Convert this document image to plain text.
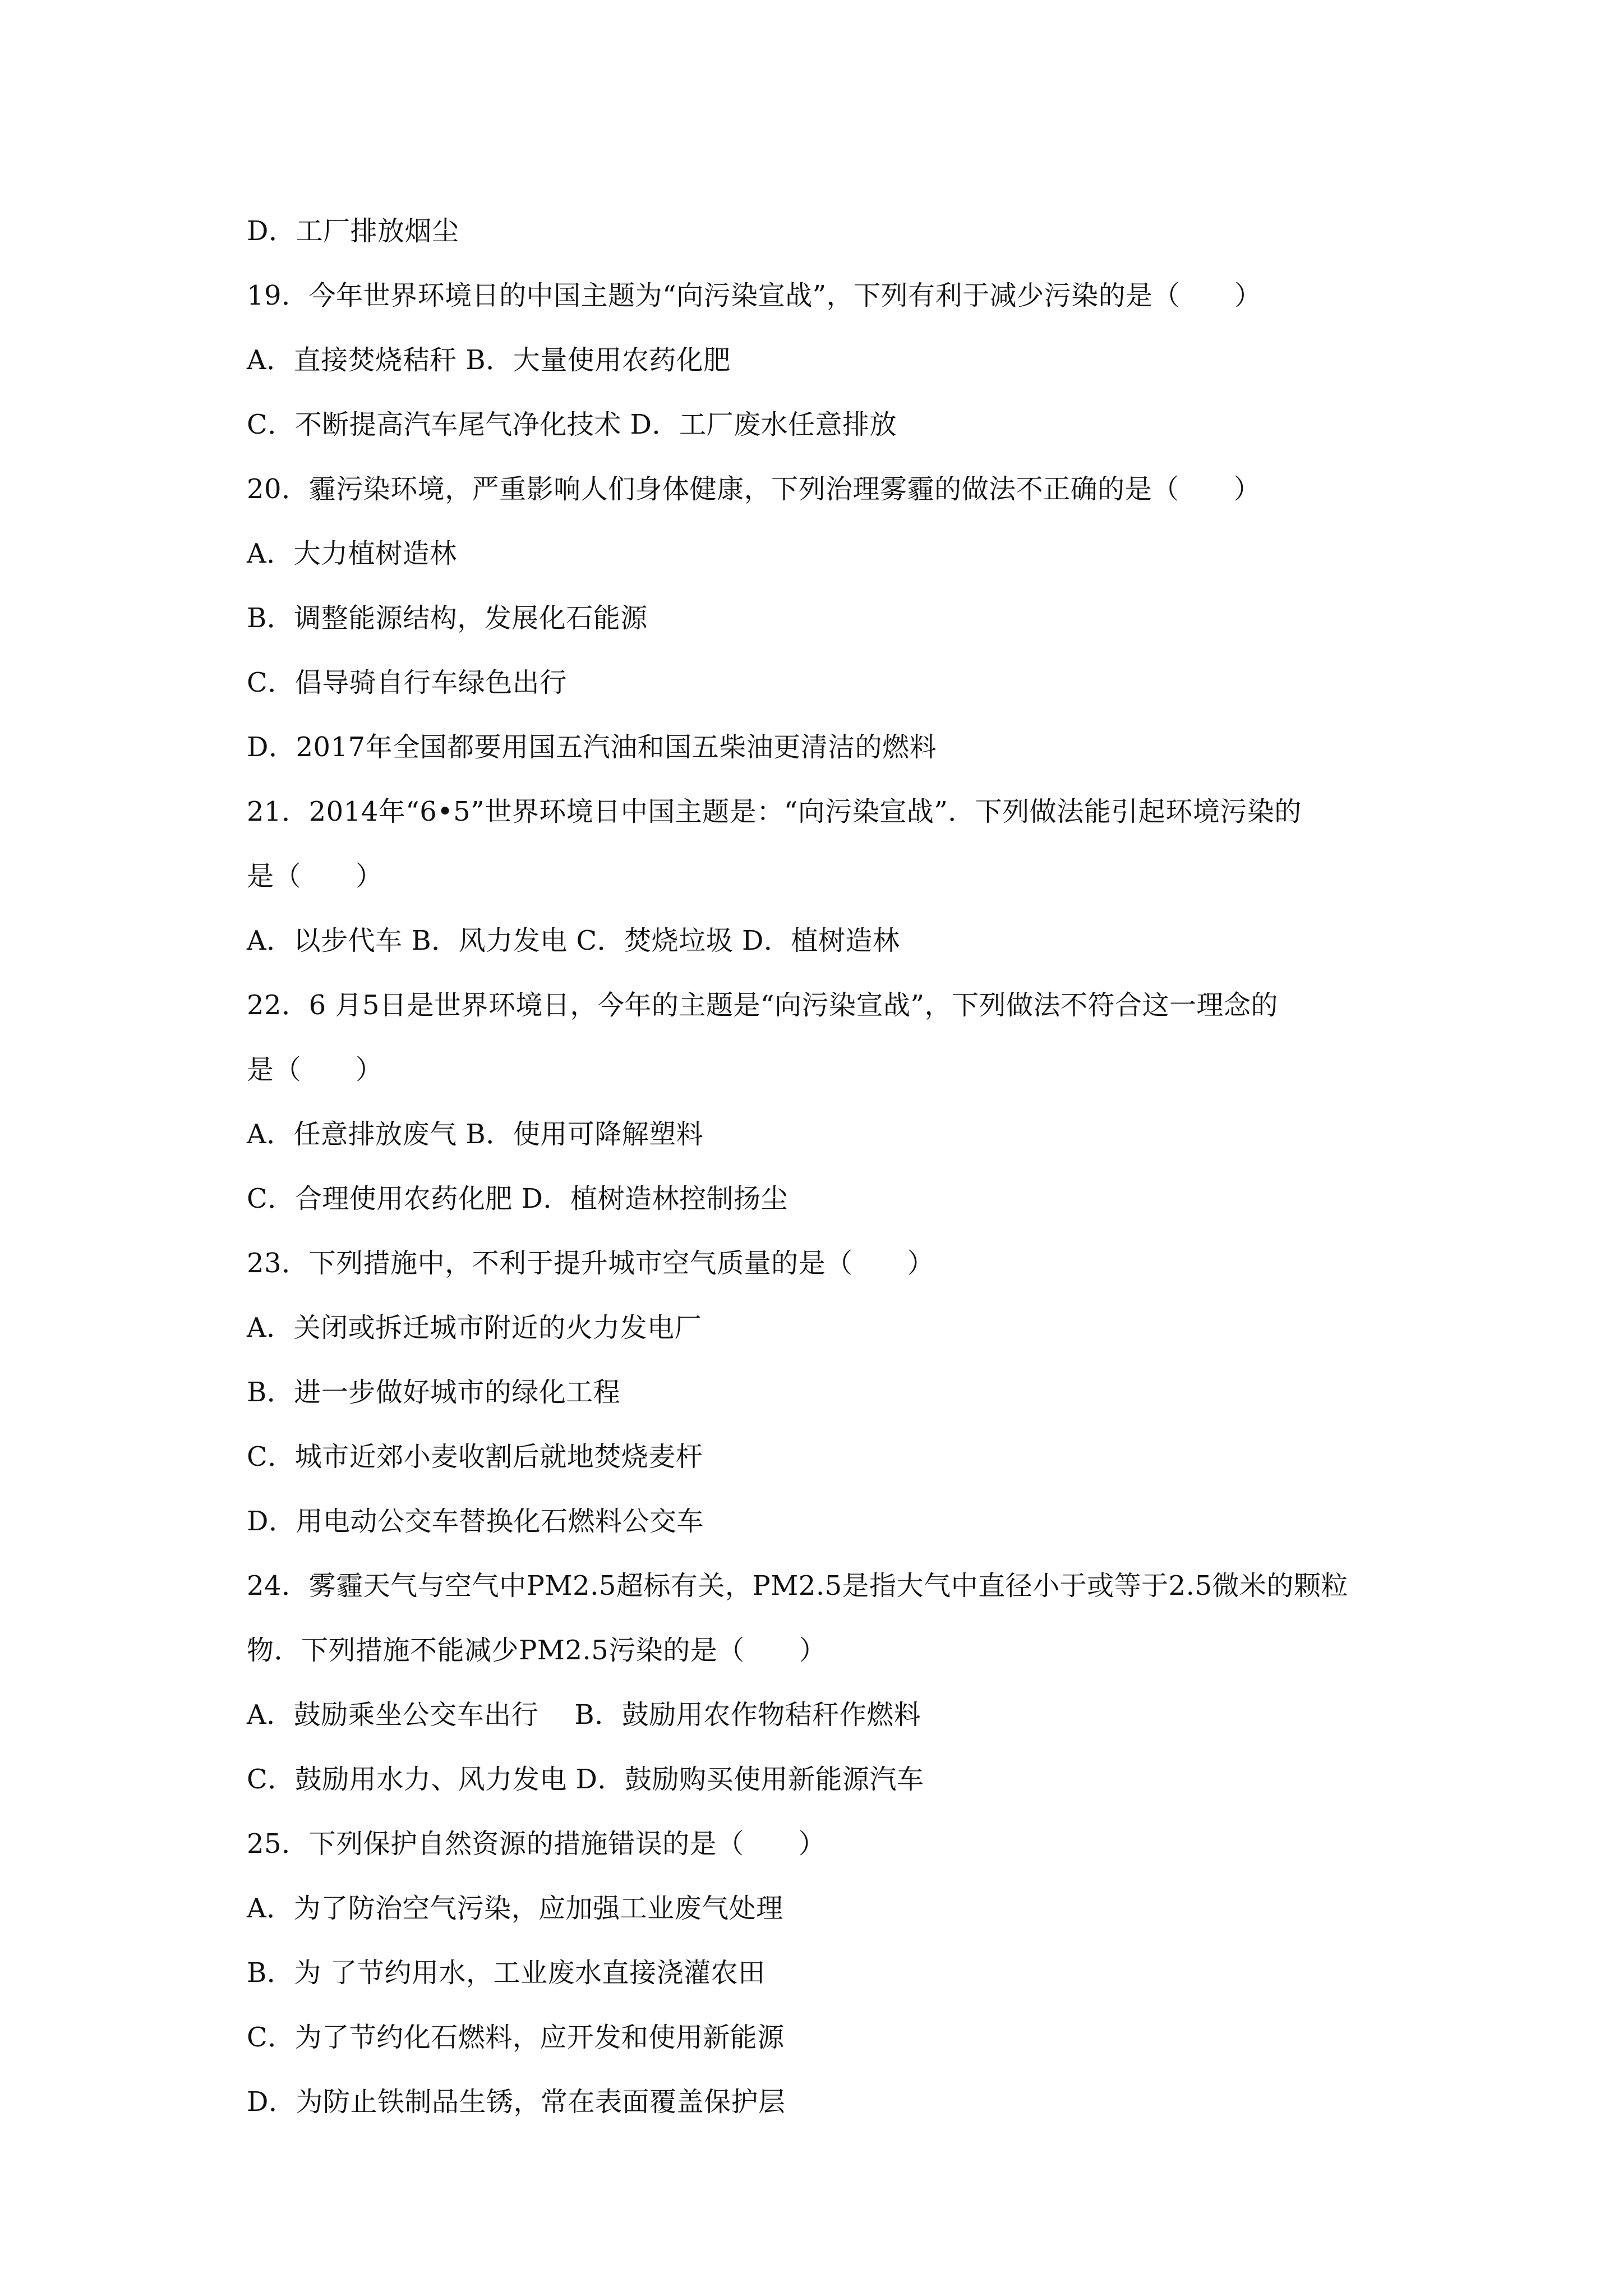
D．工厂排放烟尘
19．今年世界环境日的中国主题为“向污染宣战”，下列有利于减少污染的是（　　）
A．直接焚烧秸秆 B．大量使用农药化肥
C．不断提高汽车尾气净化技术 D．工厂废水任意排放
20．霾污染环境，严重影响人们身体健康，下列治理雾霾的做法不正确的是（　　）
A．大力植树造林
B．调整能源结构，发展化石能源
C．倡导骑自行车绿色出行
D．2017年全国都要用国五汽油和国五柴油更清洁的燃料
21．2014年“6•5”世界环境日中国主题是：“向污染宣战”．下列做法能引起环境污染的
是（　　）
A．以步代车 B．风力发电 C．焚烧垃圾 D．植树造林
22．6 月5日是世界环境日，今年的主题是“向污染宣战”，下列做法不符合这一理念的
是（　　）
A．任意排放废气 B．使用可降解塑料
C．合理使用农药化肥 D．植树造林控制扬尘
23．下列措施中，不利于提升城市空气质量的是（　　）
A．关闭或拆迁城市附近的火力发电厂
B．进一步做好城市的绿化工程
C．城市近郊小麦收割后就地焚烧麦杆
D．用电动公交车替换化石燃料公交车
24．雾霾天气与空气中PM2.5超标有关，PM2.5是指大气中直径小于或等于2.5微米的颗粒
物．下列措施不能减少PM2.5污染的是（　　）
A．鼓励乘坐公交车出行　 B．鼓励用农作物秸秆作燃料
C．鼓励用水力、风力发电 D．鼓励购买使用新能源汽车
25．下列保护自然资源的措施错误的是（　　）
A．为了防治空气污染，应加强工业废气处理
B．为 了节约用水，工业废水直接浇灌农田
C．为了节约化石燃料，应开发和使用新能源
D．为防止铁制品生锈，常在表面覆盖保护层
